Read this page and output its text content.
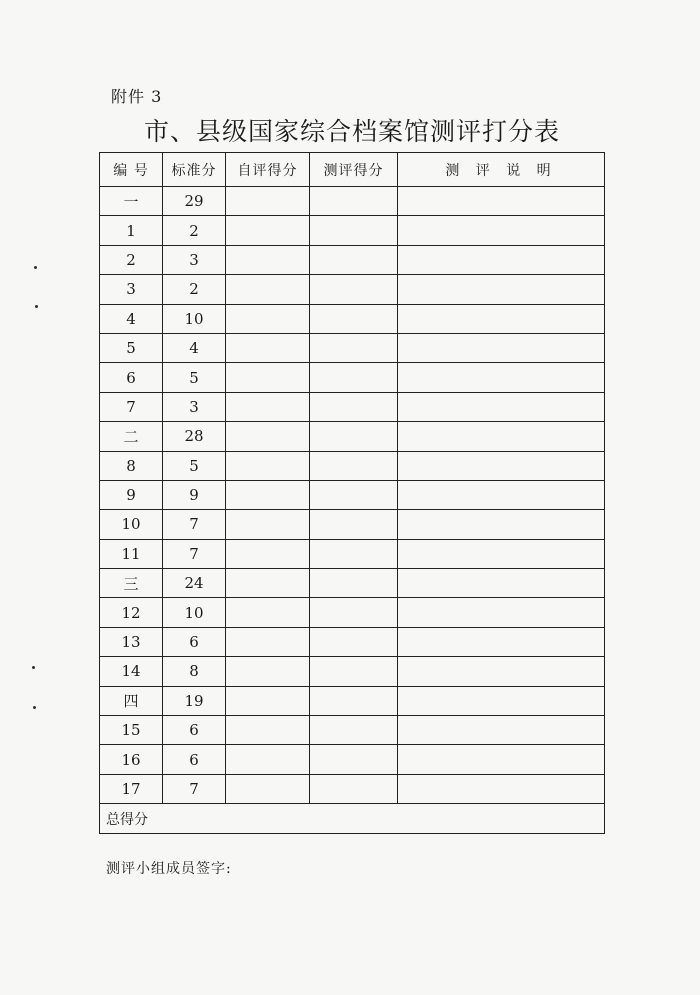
附件 3
市、县级国家综合档案馆测评打分表
编 号	标准分	自评得分	测评得分	测 评 说 明
一	29			
1	2			
2	3			
3	2			
4	10			
5	4			
6	5			
7	3			
二	28			
8	5			
9	9			
10	7			
11	7			
三	24			
12	10			
13	6			
14	8			
四	19			
15	6			
16	6			
17	7			
总得分				
测评小组成员签字:
